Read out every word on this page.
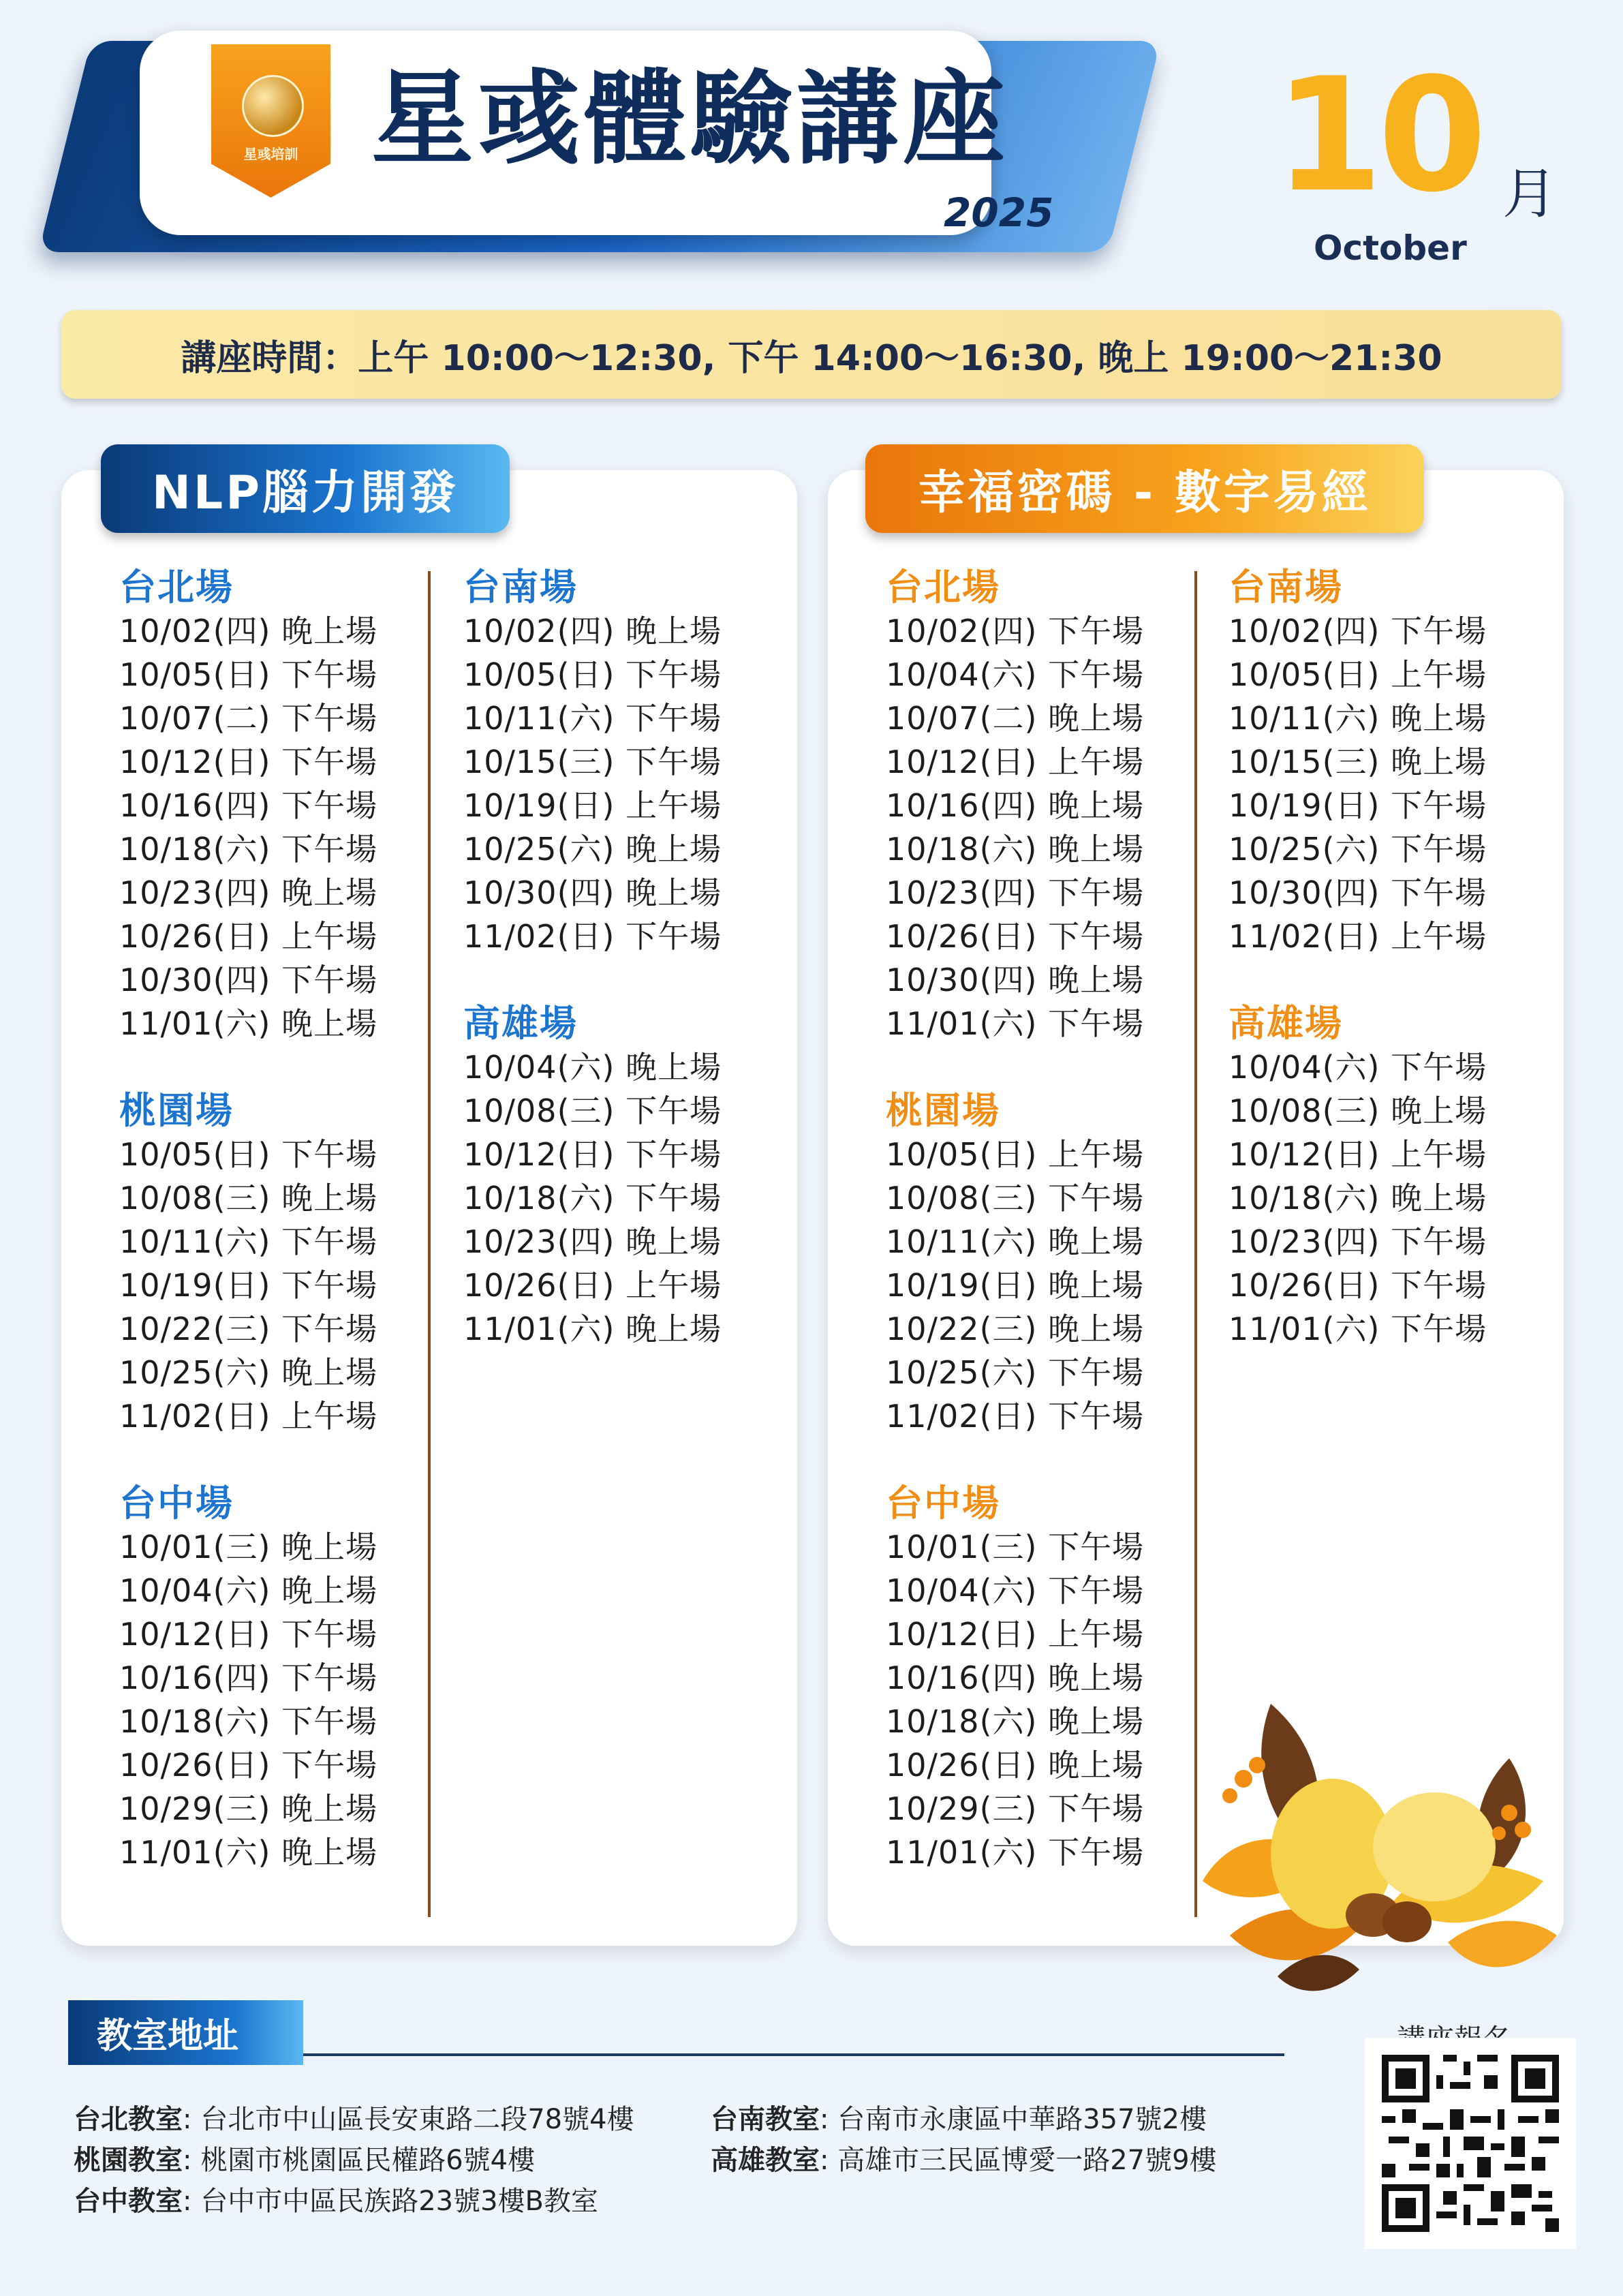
星彧培訓 星彧體驗講座
2025 10 月
October
講座時間：上午 10:00～12:30, 下午 14:00～16:30, 晚上 19:00～21:30
NLP腦力開發	幸福密碼 - 數字易經
台北場
10/02(四) 晚上場
10/05(日) 下午場
10/07(二) 下午場
10/12(日) 下午場
10/16(四) 下午場
10/18(六) 下午場
10/23(四) 晚上場
10/26(日) 上午場
10/30(四) 下午場
11/01(六) 晚上場
桃園場
10/05(日) 下午場
10/08(三) 晚上場
10/11(六) 下午場
10/19(日) 下午場
10/22(三) 下午場
10/25(六) 晚上場
11/02(日) 上午場
台中場
10/01(三) 晚上場
10/04(六) 晚上場
10/12(日) 下午場
10/16(四) 下午場
10/18(六) 下午場
10/26(日) 下午場
10/29(三) 晚上場
11/01(六) 晚上場
台南場
10/02(四) 晚上場
10/05(日) 下午場
10/11(六) 下午場
10/15(三) 下午場
10/19(日) 上午場
10/25(六) 晚上場
10/30(四) 晚上場
11/02(日) 下午場
高雄場
10/04(六) 晚上場
10/08(三) 下午場
10/12(日) 下午場
10/18(六) 下午場
10/23(四) 晚上場
10/26(日) 上午場
11/01(六) 晚上場
台北場
10/02(四) 下午場
10/04(六) 下午場
10/07(二) 晚上場
10/12(日) 上午場
10/16(四) 晚上場
10/18(六) 晚上場
10/23(四) 下午場
10/26(日) 下午場
10/30(四) 晚上場
11/01(六) 下午場
桃園場
10/05(日) 上午場
10/08(三) 下午場
10/11(六) 晚上場
10/19(日) 晚上場
10/22(三) 晚上場
10/25(六) 下午場
11/02(日) 下午場
台中場
10/01(三) 下午場
10/04(六) 下午場
10/12(日) 上午場
10/16(四) 晚上場
10/18(六) 晚上場
10/26(日) 晚上場
10/29(三) 下午場
11/01(六) 下午場
台南場
10/02(四) 下午場
10/05(日) 上午場
10/11(六) 晚上場
10/15(三) 晚上場
10/19(日) 下午場
10/25(六) 下午場
10/30(四) 下午場
11/02(日) 上午場
高雄場
10/04(六) 下午場
10/08(三) 晚上場
10/12(日) 上午場
10/18(六) 晚上場
10/23(四) 下午場
10/26(日) 下午場
11/01(六) 下午場
教室地址
台北教室: 台北市中山區長安東路二段78號4樓
桃園教室: 桃園市桃園區民權路6號4樓
台中教室: 台中市中區民族路23號3樓B教室
台南教室: 台南市永康區中華路357號2樓
高雄教室: 高雄市三民區博愛一路27號9樓
